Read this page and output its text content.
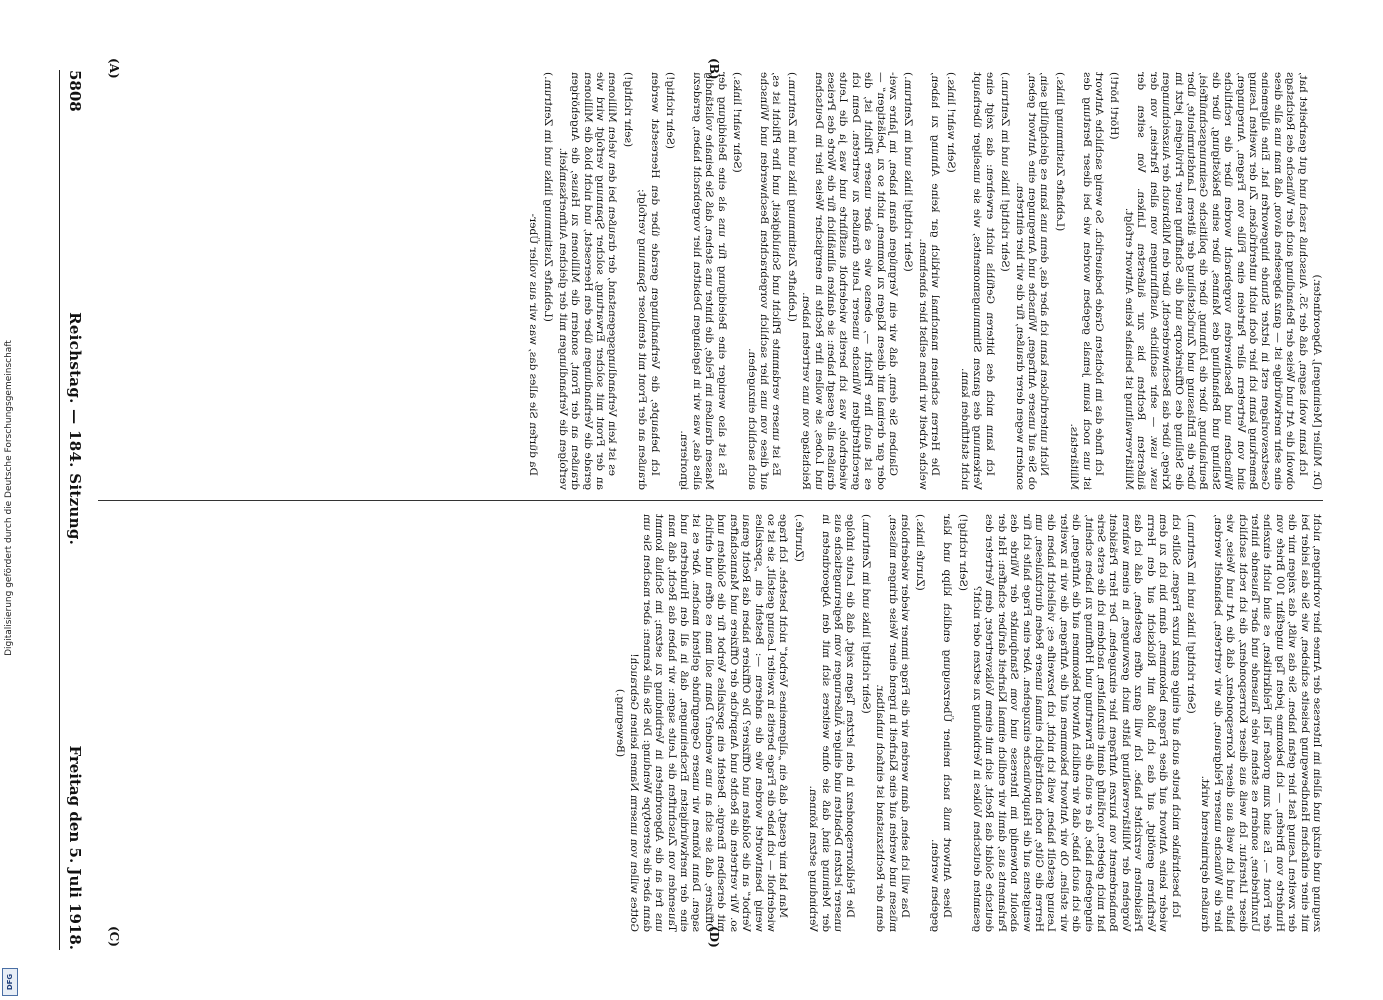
5808
Reichstag. — 184. Sitzung.
Freitag den 5. Juli 1918.
(A)	(B)
(C)	(D)

(Dr. Müller [Meiningen], Abgeordneter.)

Ich kann wohl sagen, daß der 35. Ausschuß rasch und gut gearbeitet hat, obwohl die Art und Weise der Behandlung auch der Wünsche des Reichstags eine sehr merkwürdige ist — ganz abgesehen davon, daß man uns alle diese Gesetzesvorlagen erst in letzter Stunde hingeworfen hat. Eine allgemeine Bemerkung kann ich hier doch nicht unterdrücken. Zu der zweiten Lesung sind von Vertretern aller Parteien eine Fülle von Fragen, Anregungen, Wünschen und Beschwerden vorgebracht worden über die rechtliche Stellung und Behandlung des Mannes, über seine Beköstigung, über die Beurlaubung, über die Löhnung, über die politische Gesinnungsschnüffelei, über die Entlassung und Zurückstellung der älteren Landsturmleute, über die Stellung des Offizierkorps und die Schaffung neuer Privilegien jetzt im Kriege, über das Beschwerderecht, über den Mißbrauch der Auszeichnungen usw. usw. — sehr sachliche Ausführungen von allen Parteien, von der äußersten Rechten bis zur äußersten Linken. Von seiten der Militärverwaltung ist beinahe keine Antwort erfolgt.

(Hört! hört!)

Ich finde das im höchsten Grade bedauerlich. So wenig sachliche Antwort ist uns noch kaum jemals gegeben worden wie bei dieser Beratung des Militäretats.

(Lebhafte Zustimmung links.)

Nicht unterdrücken kann ich aber das, denn uns kann es gleichgültig sein, ob Sie auf unsere Anfragen, Wünsche und Anregungen eine Antwort geben, sondern wegen derer draußen, für die wir hier eintreten.

(Sehr richtig! links und im Zentrum.)

Ich kann mich des bitteren Gefühls nicht erwehren: das zeigt eine Verkennung des ganzen Stimmungsmomentes, wie sie unseliger überhaupt nicht stattfinden kann.

(Sehr wahr! links.)

Die Herren scheinen manchmal wirklich gar keine Ahnung zu haben, welche Arbeit wir ihnen selbst hier abnehmen.

(Sehr richtig! links und im Zentrum.)

Glauben Sie denn, daß wir ein Vergnügen daran haben, im Jahre zwei- oder gar dreimal mit diesen Klagen zu kommen, nicht so zu „belästigen“ — es ist auch Ihre Pflicht —, ebenso wie es aber unsere Pflicht ist, die gerechtfertigten Wünsche unserer Leute draußen zu vertreten. Denn ich wiederhole, was ich bereits wiederholt ausführte und was ja die Leute draußen alle gesagt haben: sie danken allmählich für die Worte des Preises und Lobes, sie wollen ihre Rechte in energischer Weise hier im Deutschen Reichstage von uns vertreten haben.

(Lebhafte Zustimmung links und im Zentrum.)

Es ist unsere verdammte Pflicht und Schuldigkeit, und Ihre Pflicht ist es, auf diese von uns hier sachlich vorgebrachten Beschwerden und Wünsche auch sachlich einzugehen.

(Sehr wahr! links.)

Es ist also weniger eine Beleidigung für uns als eine Beleidigung der Massen draußen im Felde, die hinter uns stehen, daß Sie beinahe vollständig alles das, was wir in tagelangen Debatten hier vorgebracht haben, geradezu ignorieren.

(Sehr richtig!)

Ich behaupte, die Verhandlungen gerade über den Heeresetat werden draußen an der Front mit atemloser Spannung verfolgt;

(sehr richtig!)

es ist kein Verhandlungsgegenstand, der draußen bei den vielen Millionen an der Front mit solcher Erwartung, solcher Spannung verfolgt wird wie gerade die Verhandlungen über den Heeresetat, und nicht bloß die Millionen draußen an der Front, sondern die Millionen zu Hause, die Angehörigen verfolgen die Verhandlungen mit der gleichen Aufmerksamkeit.

(Lebhafte Zustimmung links und im Zentrum.)

Da dürfen Sie alles das, was wir aus voller Über-

zeugung und einzig und allein im Interesse der Armee hier vorbringen, nicht mit einer einfachen Handbewegung beiseite schieben, wie Sie das leider bei der zweiten Lesung fast hier getan haben. Sie das wißt, das zeigen mir die Hunderte von Briefen, — ich bekomme jeden Tag ungefähr 100 Briefe von der Front —. Es sind zum großen Teil Feldkritiken, es sind nicht einzelne Unzufriedene, sondern es stehen viele Tausende und aber Tausende hinter dieser Literatur. Ich weiß aus dieser Korrespondenz, die ich recht sachlich halte und ich weiß aus dieser Korrespondenz, daß die Art und Weise, wie hier die Wünsche unserer Feldgrauen, die wir vertreten, behandelt werden, draußen deprimierend wirkt.

(Sehr richtig! links und im Zentrum.)

Ich beschränke mich heute auch auf einige ganz kurze Fragen. Sollte ich wieder keine Antwort auf diese Fragen bekommen, dann bin ich zu dem Verfahren genötigt, auf das ich bloß mit Rücksicht auf den Herrn Präsidenten verzichtet habe. Ich will ganz offen gestehen, daß ich das Vorgehen der Militärverwaltung hätte mich gezwungen, in einem wahren Bombardement von kurzen Anfragen hier einzugehen. Der Herr Präsident hat mich gebeten, vorläufig damit einzuhalten, nachdem ich die erste Serie eingegeben habe, da er auch die Erwartung und Hoffnung zu haben scheint, die ich auch habe, daß wir endlich Antwort bekommen auf die Anfragen, die wir stellen. Ob wir Antwort bekommen auf die Anfragen, die wir in zweiter Lesung gestellt haben, weiß ich nicht, ich bezweifle es; vielleicht haben die Herren die Güte, noch nachträglich einmal unsere Reden durchzulesen, um wenigstens auf die Hauptwünsche einzugehen. Aber eine Frage halte ich für absolut notwendig im Interesse und vom Standpunkte der Würde des Parlaments aus, damit wir endlich einmal Klarheit darüber schaffen: Hat der deutsche Soldat das Recht, sich mit einem Volksvertreter, dem Vertreter des gesamten deutschen Volkes in Verbindung zu setzen oder nicht?

(Sehr richtig!)

Diese Antwort muß nach meiner Überzeugung endlich klipp und klar gegeben werden.

(Zurufe links.)

Das will ich sehen, dann werden wir die Frage immer wieder wiederholen müssen und werden auf eine Klarheit in irgend einer Weise dringen müssen, denn der Rechtszustand ist einfach unhaltbar.

(Sehr richtig! links und im Zentrum.)

Die Feldkorrespondenz in den letzten Tagen zeigt, daß die Leute infolge unserer letzten Debatten und einiger Äußerungen vom Regierungstische aus der Meinung sind, daß sie ohne weiteres sich mit den Abgeordneten in Verbindung setzen können.

(Zurufe.)

Man hat mir gesagt, daß ein „allgemeines Verbot“ nicht bestehe. Ich frage wiederholt — ich habe die Frage bereits in zweiter Lesung gestellt, sie ist so wenig beantwortet worden wie die anderen —: Besteht ein „spezielles Verbot“ an die Soldaten und Offiziere? Die Offiziere haben das Recht genau so. Wir vertreten die Rechte und Ansprüche der Offiziere und Mannschaften mit derselben Energie. Besteht ein spezielles Verbot für die Soldaten und Offiziere, daß sie sich an uns wenden? Dann soll man es offen und ehrlich sagen. Dann können wir unsere Gegengründe geltend machen. Aber es ist eine der merkwürdigsten Erscheinungen, daß in all den Hunderten und Tausenden von Zuschriften die Leute sagen: wir haben das Recht, daß man uns frei an die Abgeordneten in Verbindung zu setzen; im Schluß kommt dann aber die stereotype Wendung: Die Sie alle kennen: aber machen Sie um Gottes willen von unserm Namen keinen Gebrauch!

(Bewegung.)

Digitalisierung gefördert durch die Deutsche Forschungsgemeinschaft
DFG
